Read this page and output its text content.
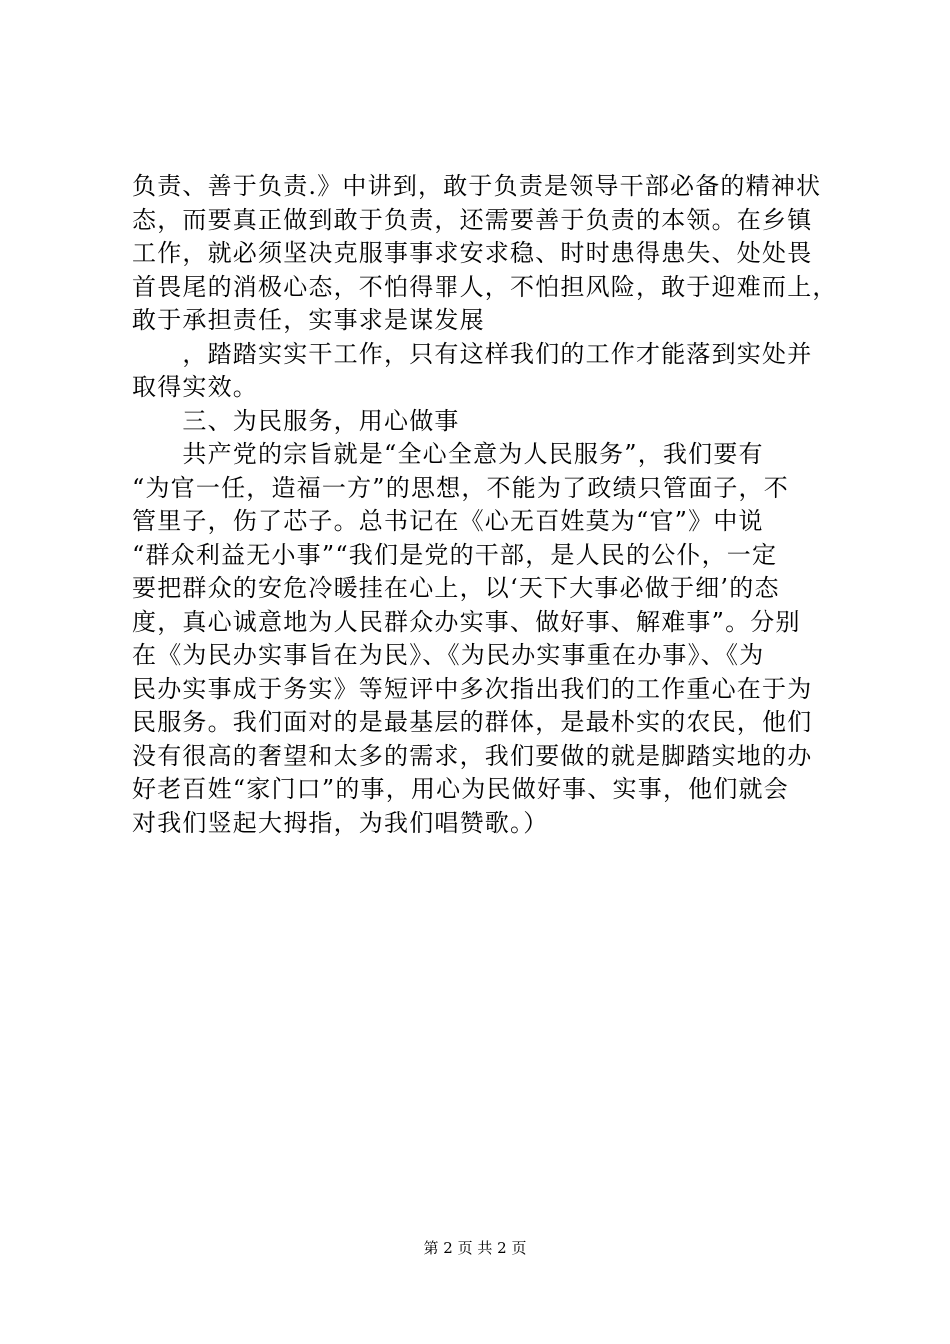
负责、善于负责.》中讲到，敢于负责是领导干部必备的精神状
态，而要真正做到敢于负责，还需要善于负责的本领。在乡镇
工作，就必须坚决克服事事求安求稳、时时患得患失、处处畏
首畏尾的消极心态，不怕得罪人，不怕担风险，敢于迎难而上，
敢于承担责任，实事求是谋发展
　　，踏踏实实干工作，只有这样我们的工作才能落到实处并
取得实效。
　　三、为民服务，用心做事
　　共产党的宗旨就是“全心全意为人民服务”，我们要有
“为官一任，造福一方”的思想，不能为了政绩只管面子，不
管里子，伤了芯子。总书记在《心无百姓莫为“官”》中说
“群众利益无小事”“我们是党的干部，是人民的公仆，一定
要把群众的安危冷暖挂在心上，以‘天下大事必做于细’的态
度，真心诚意地为人民群众办实事、做好事、解难事”。分别
在《为民办实事旨在为民》、《为民办实事重在办事》、《为
民办实事成于务实》等短评中多次指出我们的工作重心在于为
民服务。我们面对的是最基层的群体，是最朴实的农民，他们
没有很高的奢望和太多的需求，我们要做的就是脚踏实地的办
好老百姓“家门口”的事，用心为民做好事、实事，他们就会
对我们竖起大拇指，为我们唱赞歌。）
第 2 页 共 2 页
